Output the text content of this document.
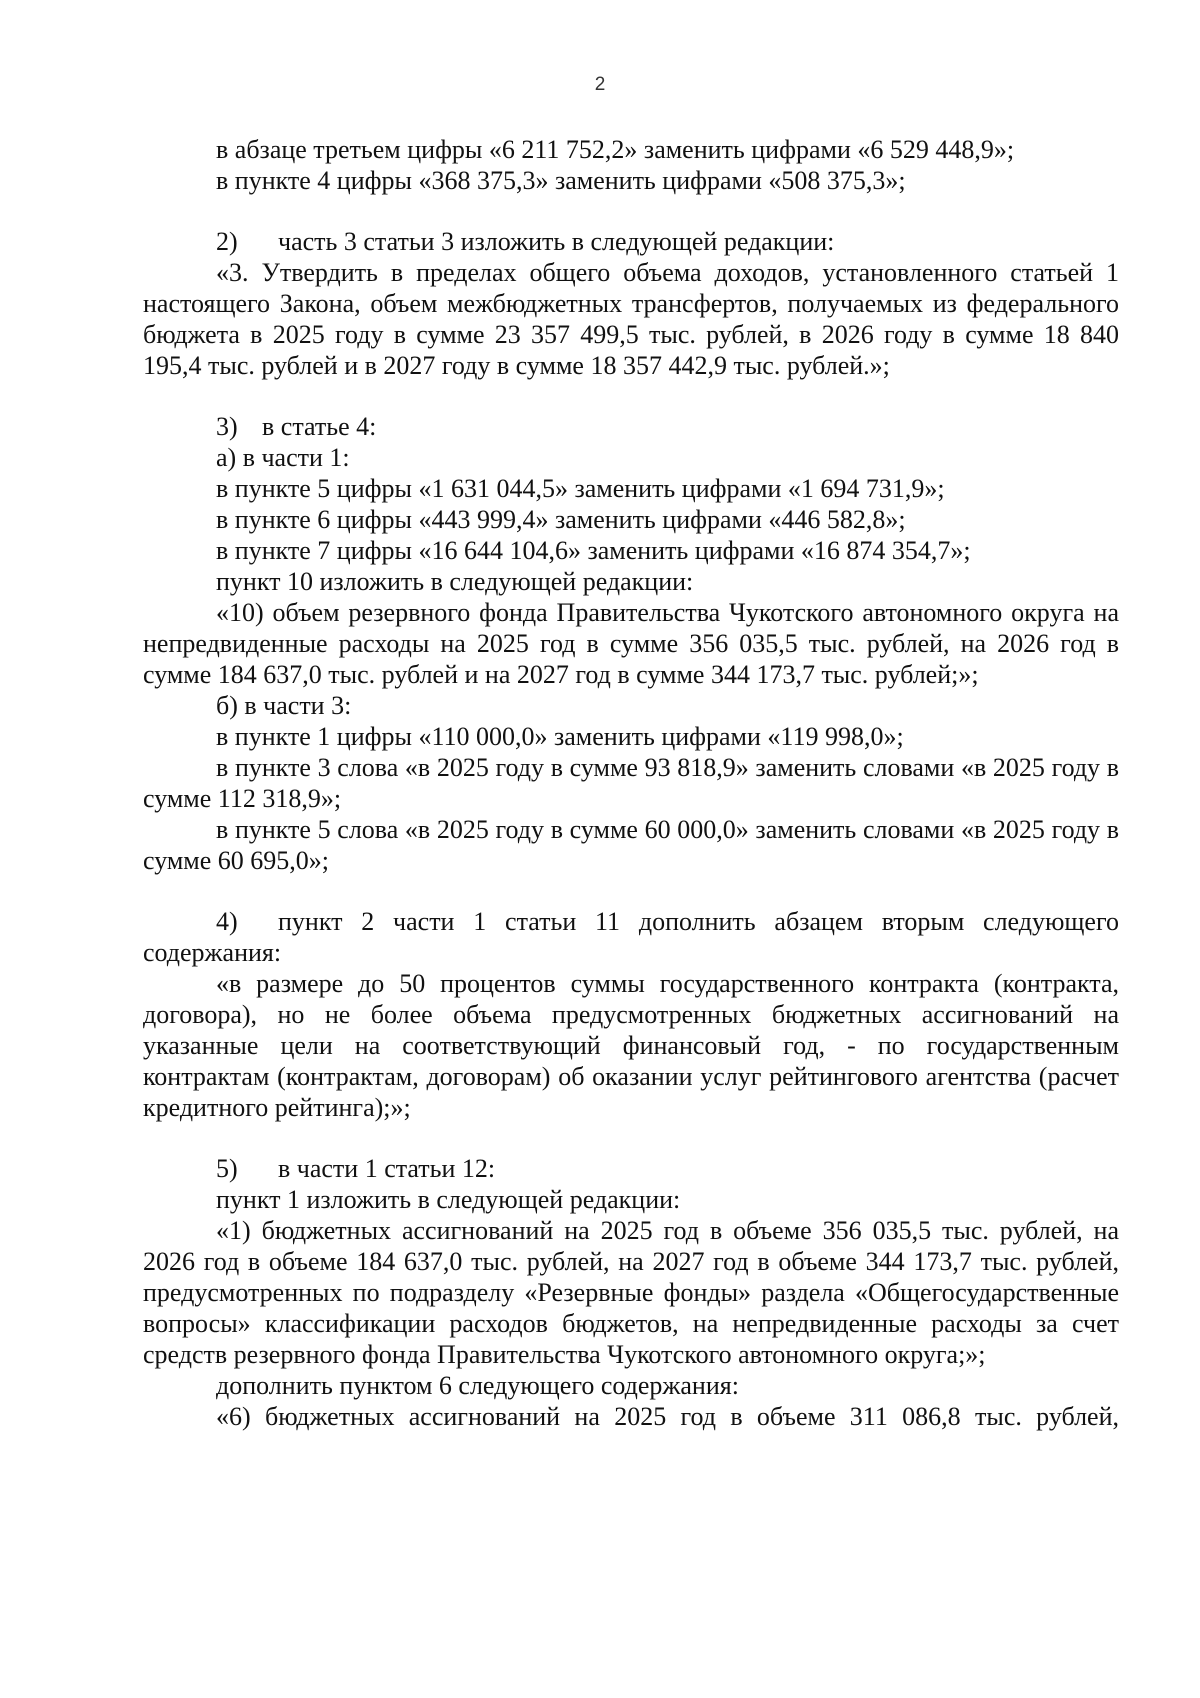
2

в абзаце третьем цифры «6 211 752,2» заменить цифрами «6 529 448,9»;

в пункте 4 цифры «368 375,3» заменить цифрами «508 375,3»;

2) часть 3 статьи 3 изложить в следующей редакции:

«3. Утвердить в пределах общего объема доходов, установленного статьей 1 настоящего Закона, объем межбюджетных трансфертов, получаемых из федерального бюджета в 2025 году в сумме 23 357 499,5 тыс. рублей, в 2026 году в сумме 18 840 195,4 тыс. рублей и в 2027 году в сумме 18 357 442,9 тыс. рублей.»;

3) в статье 4:

а) в части 1:

в пункте 5 цифры «1 631 044,5» заменить цифрами «1 694 731,9»;

в пункте 6 цифры «443 999,4» заменить цифрами «446 582,8»;

в пункте 7 цифры «16 644 104,6» заменить цифрами «16 874 354,7»;

пункт 10 изложить в следующей редакции:

«10) объем резервного фонда Правительства Чукотского автономного округа на непредвиденные расходы на 2025 год в сумме 356 035,5 тыс. рублей, на 2026 год в сумме 184 637,0 тыс. рублей и на 2027 год в сумме 344 173,7 тыс. рублей;»;

б) в части 3:

в пункте 1 цифры «110 000,0» заменить цифрами «119 998,0»;

в пункте 3 слова «в 2025 году в сумме 93 818,9» заменить словами «в 2025 году в сумме 112 318,9»;

в пункте 5 слова «в 2025 году в сумме 60 000,0» заменить словами «в 2025 году в сумме 60 695,0»;

4) пункт 2 части 1 статьи 11 дополнить абзацем вторым следующего содержания:

«в размере до 50 процентов суммы государственного контракта (контракта, договора), но не более объема предусмотренных бюджетных ассигнований на указанные цели на соответствующий финансовый год, - по государственным контрактам (контрактам, договорам) об оказании услуг рейтингового агентства (расчет кредитного рейтинга);»;

5) в части 1 статьи 12:

пункт 1 изложить в следующей редакции:

«1) бюджетных ассигнований на 2025 год в объеме 356 035,5 тыс. рублей, на 2026 год в объеме 184 637,0 тыс. рублей, на 2027 год в объеме 344 173,7 тыс. рублей, предусмотренных по подразделу «Резервные фонды» раздела «Общегосударственные вопросы» классификации расходов бюджетов, на непредвиденные расходы за счет средств резервного фонда Правительства Чукотского автономного округа;»;

дополнить пунктом 6 следующего содержания:

«6) бюджетных ассигнований на 2025 год в объеме 311 086,8 тыс. рублей,
